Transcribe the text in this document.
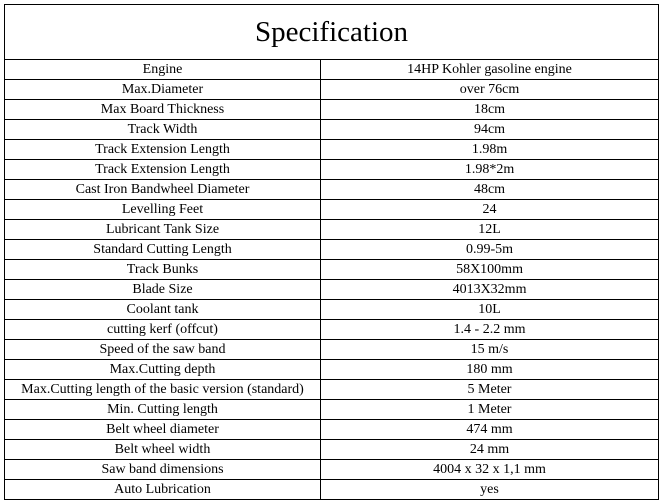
Specification	
Engine	14HP Kohler gasoline engine
Max.Diameter	over 76cm
Max Board Thickness	18cm
Track Width	94cm
Track Extension Length	1.98m
Track Extension Length	1.98*2m
Cast Iron Bandwheel Diameter	48cm
Levelling Feet	24
Lubricant Tank Size	12L
Standard Cutting Length	0.99-5m
Track Bunks	58X100mm
Blade Size	4013X32mm
Coolant tank	10L
cutting kerf (offcut)	1.4 - 2.2 mm
Speed of the saw band	15 m/s
Max.Cutting depth	180 mm
Max.Cutting length of the basic version (standard)	5 Meter
Min. Cutting length	1 Meter
Belt wheel diameter	474 mm
Belt wheel width	24 mm
Saw band dimensions	4004 x 32 x 1,1 mm
Auto Lubrication	yes
